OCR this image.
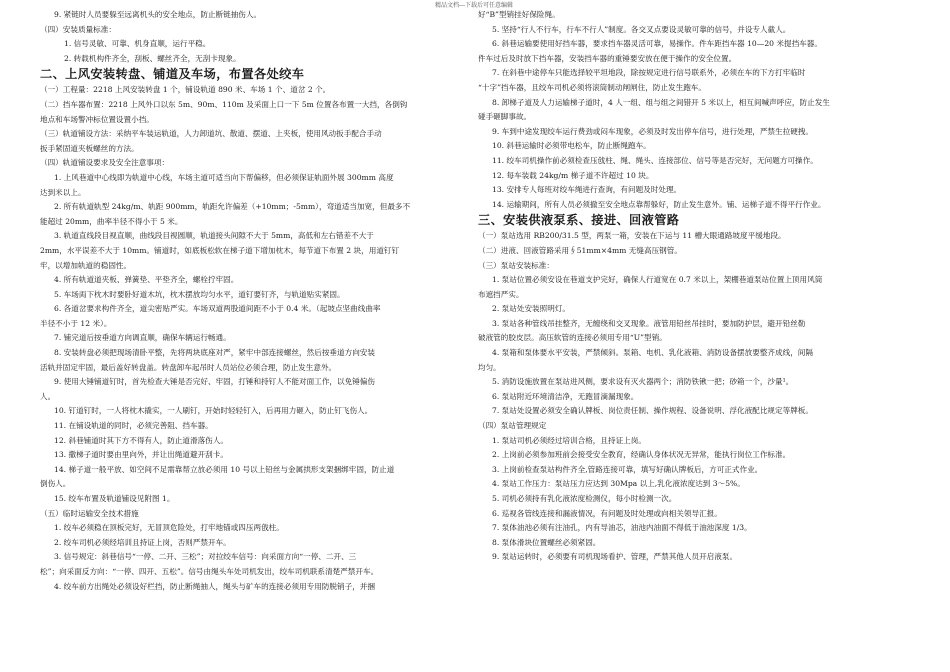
精品文档---下载后可任意编辑
9. 紧链时人员要躲至远离机头的安全地点，防止断链抽伤人。
（四）安装质量标准：
1. 信号灵敏、可靠、机身直顺，运行平稳。
2. 转载机构件齐全，刮板、螺丝齐全，无刮卡现象。
二、上风安装转盘、铺道及车场，布置各处绞车
（一）工程量：2218 上风安装转盘 1 个，铺设轨道 890 米、车场 1 个、道岔 2 个。
（二）挡车器布置：2218 上风外口以东 5m、90m、110m 及采面上口一下 5m 位置各布置一大挡，各倒钩
地点和车场警冲标位置设置小挡。
（三）轨道铺设方法：采纳平车装运轨道，人力卸道坑、散道、摆道、上夹板，使用风动扳手配合手动
扳手紧固道夹板螺丝的方法。
（四）轨道铺设要求及安全注意事项：
1. 上风巷道中心线即为轨道中心线，车场主道可适当向下帮偏移，但必须保证轨面外展 300mm 高度
达到米以上。
2. 所有轨道轨型 24kg/m、轨距 900mm，轨距允许偏差（+10mm；-5mm），弯道适当加宽，但最多不
能超过 20mm，曲率半径不得小于 5 米。
3. 轨道直线段目视直顺，曲线段目视圆顺，轨道接头间隙不大于 5mm，高低和左右错差不大于
2mm，水平误差不大于 10mm。铺道时，如底板松软在梯子道下增加枕木，每节道下布置 2 块，用道钉钉
牢，以增加轨道的稳固性。
4. 所有轨道道夹板、弹簧垫、平垫齐全，螺栓拧牢固。
5. 车场両下枕木时要卧好道木坑，枕木摆放均匀水平，道钉要钉齐，与轨道贴实紧固。
6. 各道岔要求构件齐全，道尖密贴严实。车场双道两股道间距不小于 0.4 米。（起坡点坚曲线曲率
半径不小于 12 米）。
7. 铺完道后按垂道方向调直顺，确保车辆运行畅通。
8. 安装转盘必须把现场清卧平整，先将两块底座对严，紧牢中部连接螺丝，然后按垂道方向安装
活轨并固定牢固，最后盖好转盘盖。转盘卸车起吊时人员站位必须合理，防止发生意外。
9. 使用大锤铺道钉时，首先检查大锤是否完好、牢固，打锤和持钉人不能对面工作，以免锤偏伤
人。
10. 钉道钉时，一人将枕木撬实，一人刷钉，开始时轻轻钉入，后再用力砸入，防止钉飞伤人。
11. 在铺设轨道的同时，必须完善阻、挡车器。
12. 斜巷铺道时其下方不得有人，防止道滑落伤人。
13. 撒梯子道时要由里向外，并让出绳道避开刮卡。
14. 梯子道一般平放、如空间不足需靠帮立放必须用 10 号以上铅丝与金属拱形支架捆绑牢固，防止道
倒伤人。
15. 绞车布置及轨道铺设见附图 1。
（五）临时运输安全技术措施
1. 绞车必须稳在顶板完好，无冒顶危险处，打牢地锚或四压两戗柱。
2. 绞车司机必须经培训且持证上岗，否则严禁开车。
3. 信号规定：斜巷信号“一停、二开、三松”；对拉绞车信号：向采面方向“一停、二开、三
松”；向采面反方向：“一停、四开、五松”。信号由绳头车处司机发出，绞车司机联系清楚严禁开车。
4. 绞车前方出绳处必须设好栏挡，防止断绳抽人，绳头与矿车的连接必须用专用防脱销子，并捆
好“B”型销挂好保险绳。
5. 坚持“行人不行车，行车不行人”制度。各交叉点要设灵敏可靠的信号，并设专人截人。
6. 斜巷运输要使用好挡车器，要求挡车器灵活可靠，易操作。件车距挡车器 10—20 米提挡车器。
件车过后及时放下挡车器，安装挡车器的重锤要安放在便于操作的安全位置。
7. 在斜巷中途停车只能选择较平坦地段，除按规定进行信号联系外，必须在车的下方打牢临时
“十字”挡车器，且绞车司机必须将滚筒制动闸闸住，防止发生跑车。
8. 卸梯子道及人力运输梯子道时，4 人一组、组与组之间错开 5 米以上，相互间喊声呼应，防止发生
碰手砸脚事故。
9. 车到中途发现绞车运行费劲或闷车现象，必须及时发出停车信号，进行处理，严禁生拉硬拽。
10. 斜巷运输时必须带电松车，防止断绳跑车。
11. 绞车司机操作前必须检查压戗柱、绳、绳头、连接部位、信号等是否完好，无问题方可操作。
12. 每车装载 24kg/m 梯子道不许超过 10 块。
13. 安排专人每班对绞车绳进行查询，有问题及时处理。
14. 运输期间，所有人员必须撤至安全地点靠帮躲好，防止发生意外。铺、运梯子道不得平行作业。
三、安装供液泵系、接进、回液管路
（一）泵站选用 RB200/31.5 型，两泵一箱，安装在下运与 11 槽大眼通路坡度平缓地段。
（二）进液、回液管路采用∮51mm×4mm 无缝高压钢管。
（三）泵站安装标准：
1. 泵站位置必须安设在巷道支护完好，确保人行道宽在 0.7 米以上，架棚巷道泵站位置上顶用风筒
布遮挡严实。
2. 泵站处安装照明灯。
3. 泵站各种管线吊挂整齐，无缠绕和交叉现象。液管用铅丝吊挂时，要加防护层，避开铅丝勒
破液管的胶皮层。高压软管的连接必须用专用“U”型销。
4. 泵箱和泵体要水平安装，严禁倾斜。泵箱、电机、乳化液箱、消防设备摆放要整齐成线，间隔
均匀。
5. 消防设施放置在泵站进风侧，要求设有灭火器两个；消防铁锹一把；砂箱一个，沙量¹。
6. 泵站附近环境清洁净，无跑冒滴漏现象。
7. 泵站处设置必须安全确认牌板、岗位责任制、操作规程、设备说明、浮化液配比规定等牌板。
（四）泵站管理规定
1. 泵站司机必须经过培训合格，且持证上岗。
2. 上岗前必须参加班前会接受安全教育，经确认身体状况无异常，能执行岗位工作标准。
3. 上岗前检查泵站构件齐全,管路连接可靠，填写好确认牌板后，方可正式作业。
4. 泵站工作压力：泵站压力应达到 30Mpa 以上,乳化液浓度达到 3～5%。
5. 司机必须持有乳化液浓度检测仪，每小时检测一次。
6. 巡视各管线连接和漏液情况，有问题及时处理或向相关领导汇报。
7. 泵体油池必须有注油孔，内有导油芯，油池内油面不得低于油池深度 1/3。
8. 泵体滑块位置螺丝必须紧固。
9. 泵站运转时，必须要有司机现场看护、管理，严禁其他人员开启液泵。
